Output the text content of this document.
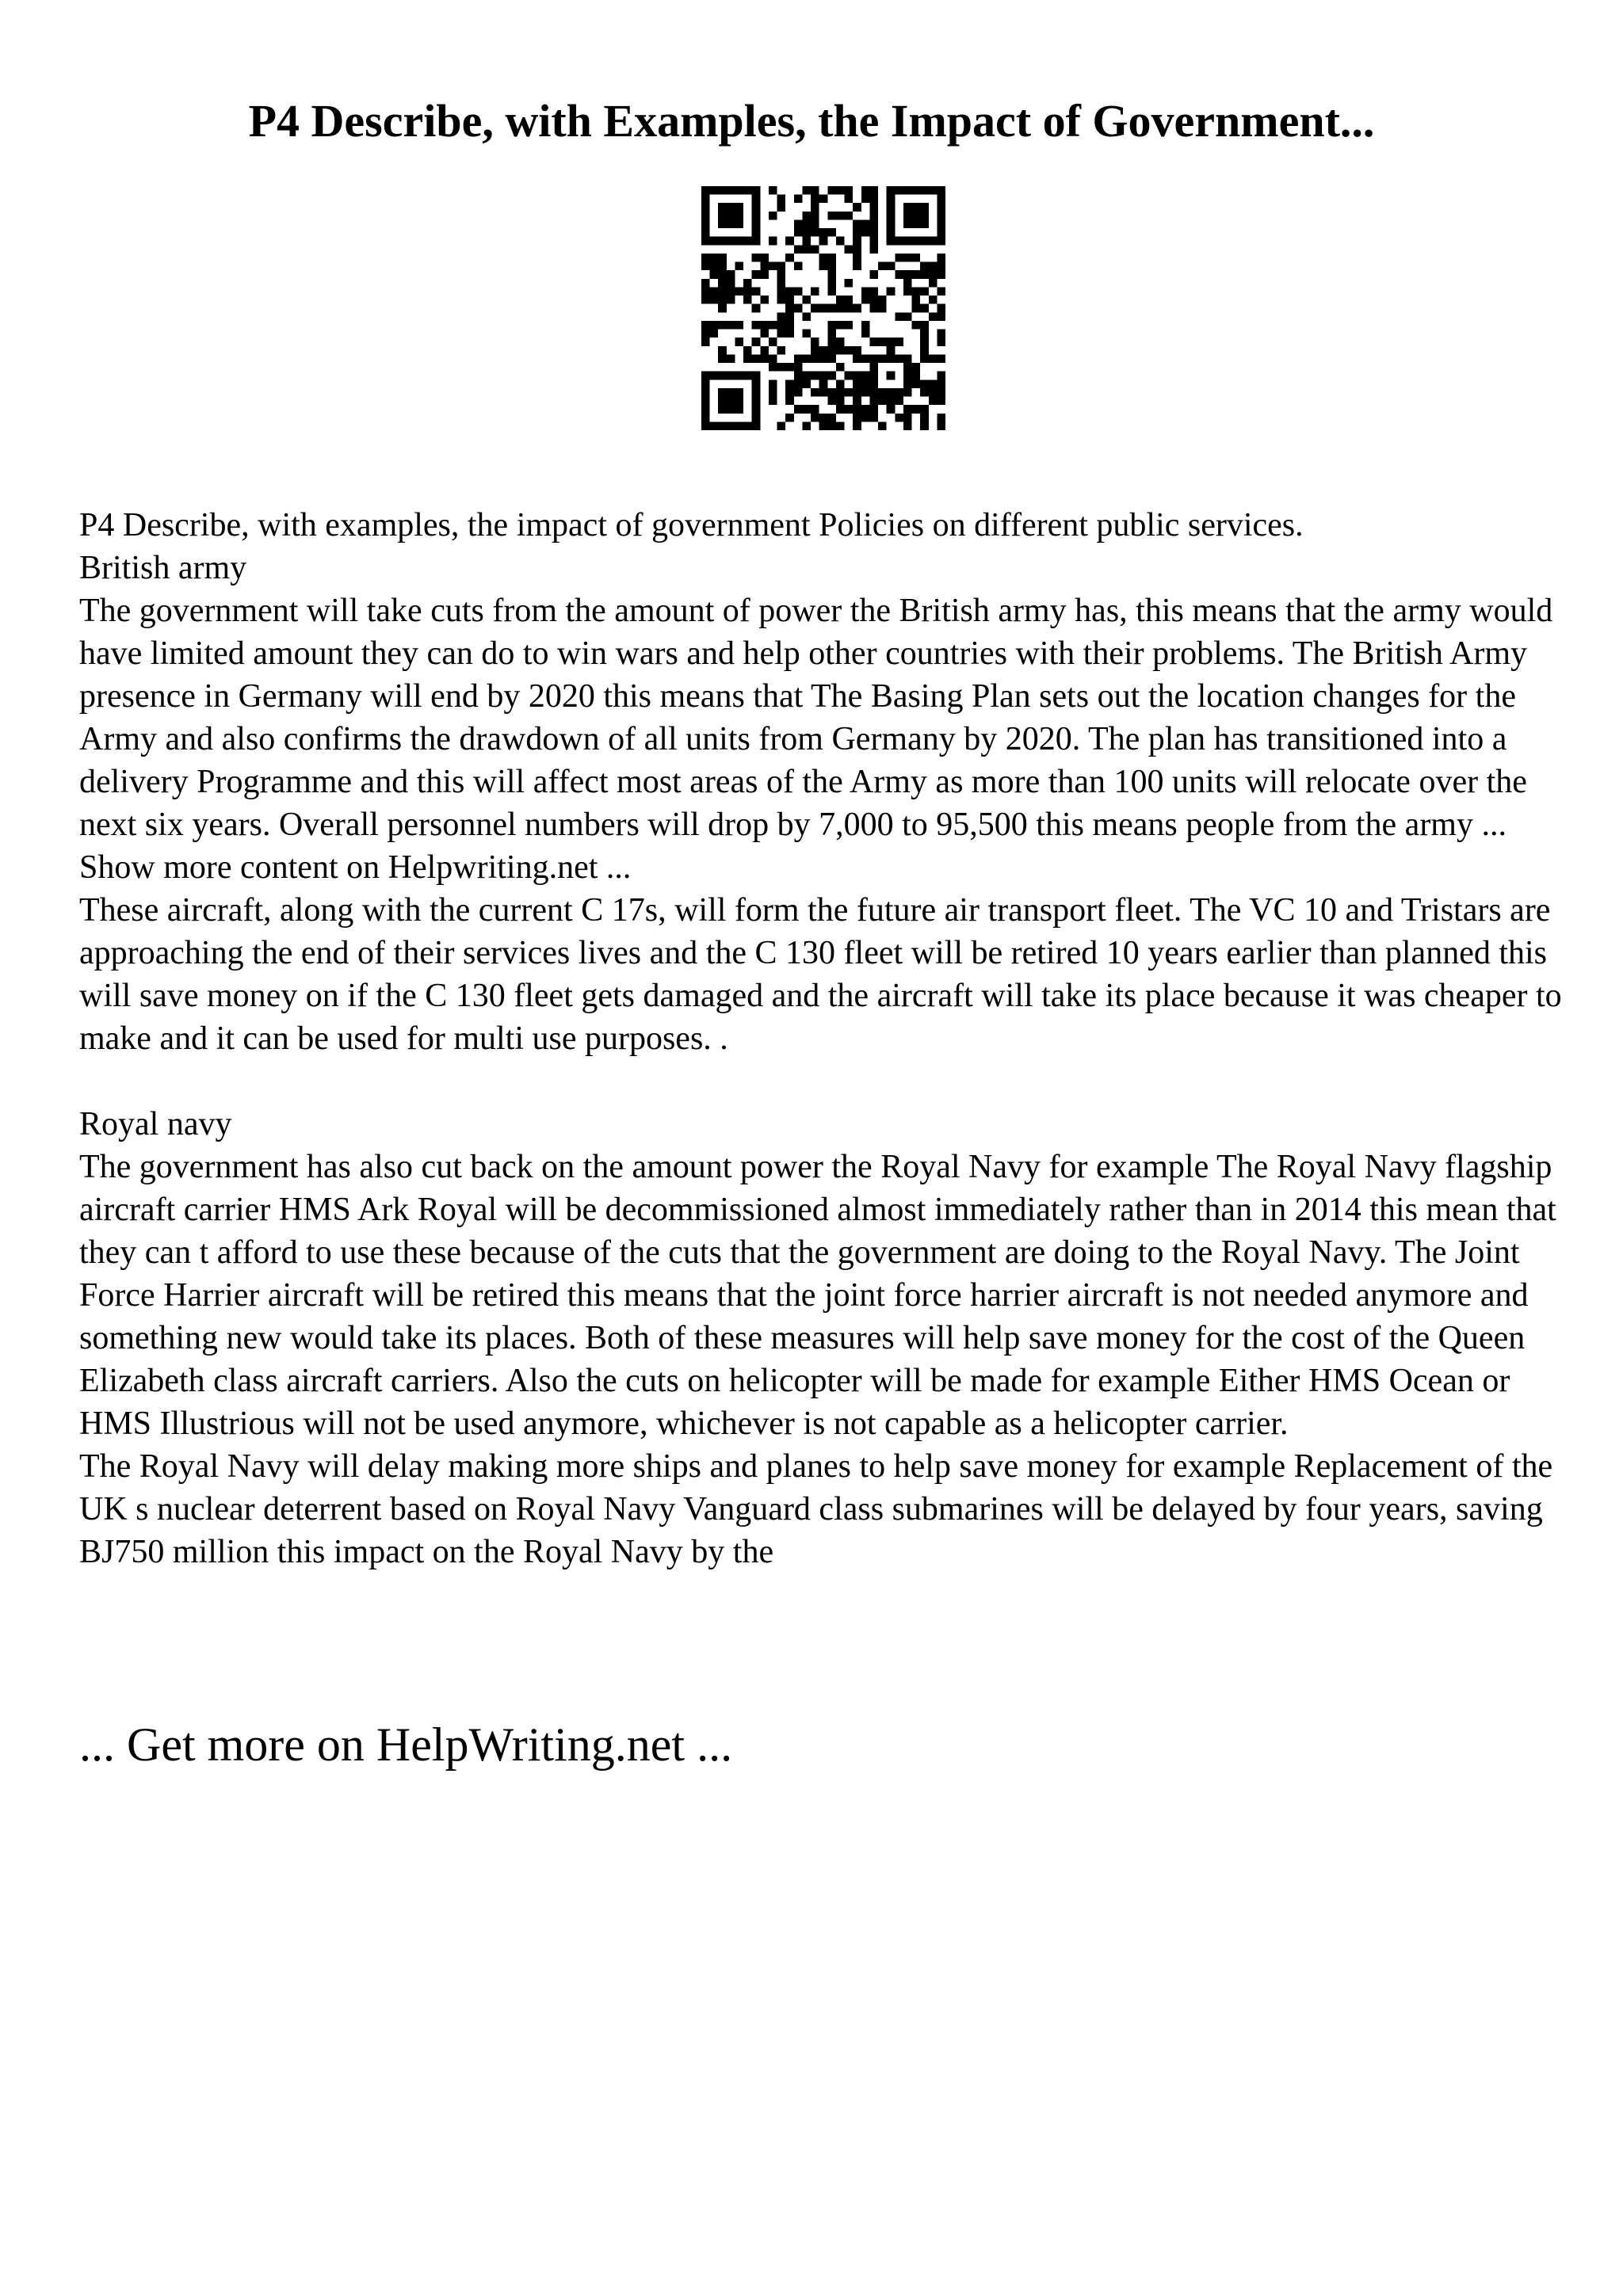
P4 Describe, with Examples, the Impact of Government...

P4 Describe, with examples, the impact of government Policies on different public services.

British army

The government will take cuts from the amount of power the British army has, this means that the army would have limited amount they can do to win wars and help other countries with their problems. The British Army presence in Germany will end by 2020 this means that The Basing Plan sets out the location changes for the Army and also confirms the drawdown of all units from Germany by 2020. The plan has transitioned into a delivery Programme and this will affect most areas of the Army as more than 100 units will relocate over the next six years. Overall personnel numbers will drop by 7,000 to 95,500 this means people from the army ... Show more content on Helpwriting.net ...

These aircraft, along with the current C 17s, will form the future air transport fleet. The VC 10 and Tristars are approaching the end of their services lives and the C 130 fleet will be retired 10 years earlier than planned this will save money on if the C 130 fleet gets damaged and the aircraft will take its place because it was cheaper to make and it can be used for multi use purposes. .

Royal navy

The government has also cut back on the amount power the Royal Navy for example The Royal Navy flagship aircraft carrier HMS Ark Royal will be decommissioned almost immediately rather than in 2014 this mean that they can t afford to use these because of the cuts that the government are doing to the Royal Navy. The Joint Force Harrier aircraft will be retired this means that the joint force harrier aircraft is not needed anymore and something new would take its places. Both of these measures will help save money for the cost of the Queen Elizabeth class aircraft carriers. Also the cuts on helicopter will be made for example Either HMS Ocean or HMS Illustrious will not be used anymore, whichever is not capable as a helicopter carrier.

The Royal Navy will delay making more ships and planes to help save money for example Replacement of the UK s nuclear deterrent based on Royal Navy Vanguard class submarines will be delayed by four years, saving BJ750 million this impact on the Royal Navy by the

... Get more on HelpWriting.net ...
